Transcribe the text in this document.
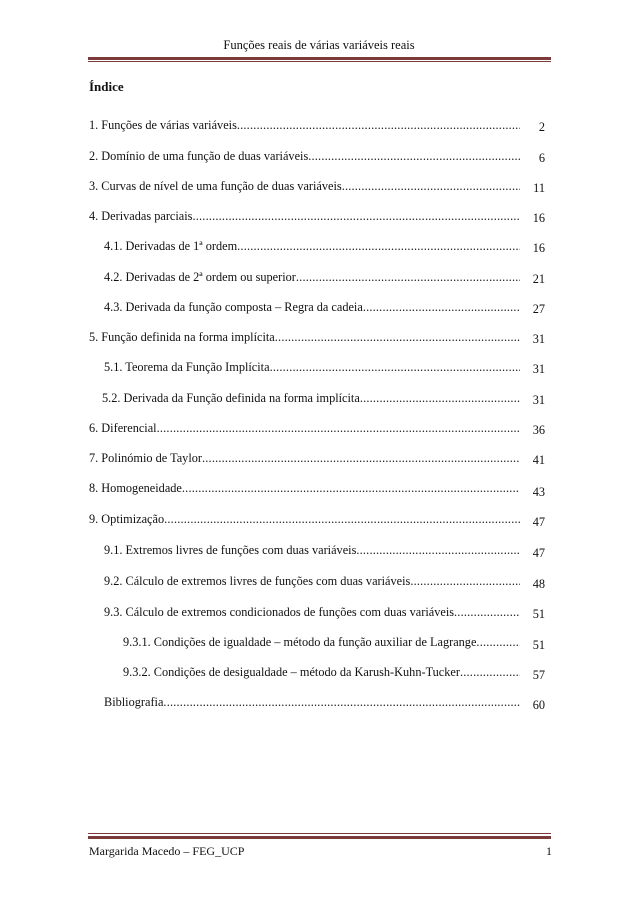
Funções reais de várias variáveis reais
Índice
1. Funções de várias variáveis .....	2
2. Domínio de uma função de duas variáveis .....	6
3. Curvas de nível de uma função de duas variáveis .....	11
4. Derivadas parciais .....	16
4.1. Derivadas de 1ª ordem .....	16
4.2. Derivadas de 2ª ordem ou superior .....	21
4.3. Derivada da função composta – Regra da cadeia .....	27
5. Função definida na forma implícita .....	31
5.1. Teorema da Função Implícita .....	31
5.2. Derivada da Função definida na forma implícita .....	31
6. Diferencial .....	36
7. Polinómio de Taylor .....	41
8. Homogeneidade .....	43
9. Optimização .....	47
9.1. Extremos livres de funções com duas variáveis .....	47
9.2. Cálculo de extremos livres de funções com duas variáveis .....	48
9.3. Cálculo de extremos condicionados de funções com duas variáveis .....	51
9.3.1. Condições de igualdade – método da função auxiliar de Lagrange .....	51
9.3.2. Condições de desigualdade – método da Karush-Kuhn-Tucker .....	57
Bibliografia .....	60
Margarida Macedo – FEG_UCP	1
